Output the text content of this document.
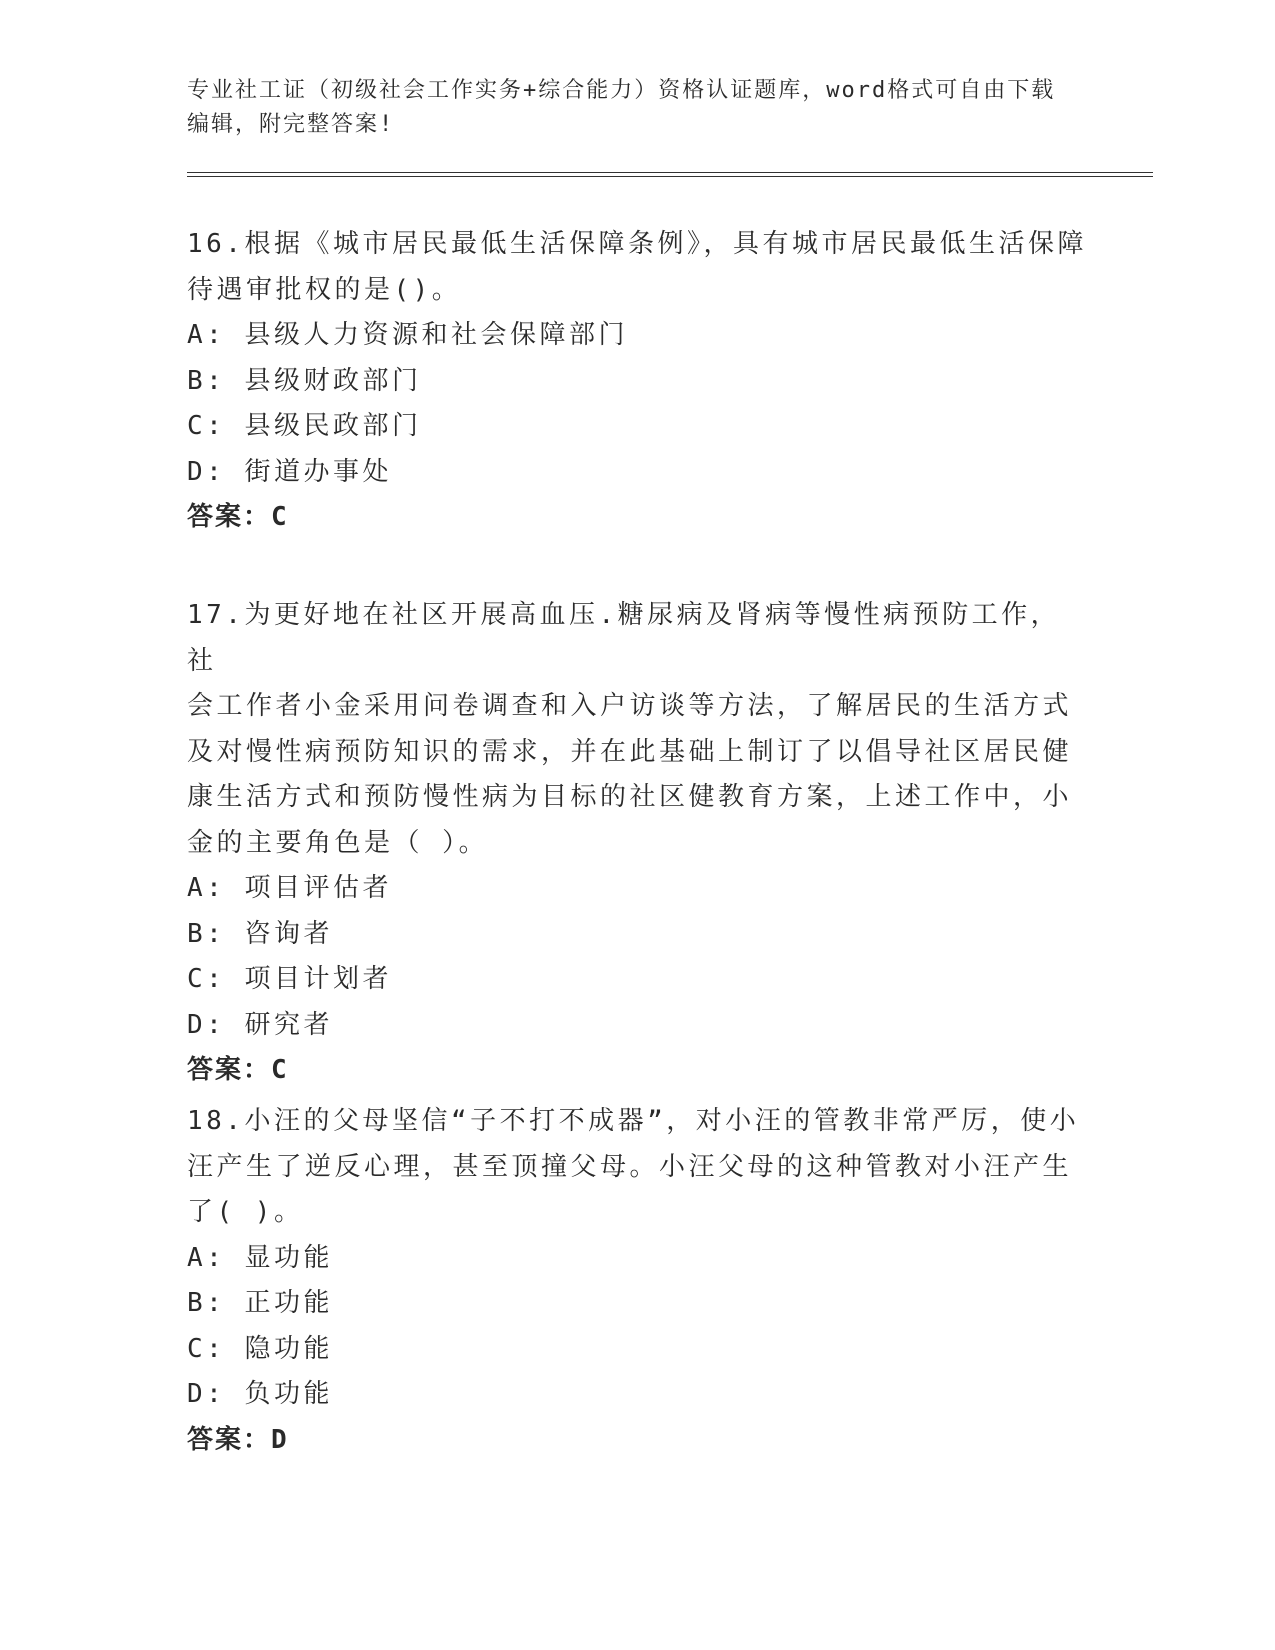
专业社工证（初级社会工作实务+综合能力）资格认证题库，word格式可自由下载
编辑，附完整答案!
16.根据《城市居民最低生活保障条例》，具有城市居民最低生活保障
待遇审批权的是()。
A: 县级人力资源和社会保障部门
B: 县级财政部门
C: 县级民政部门
D: 街道办事处
答案：C
17.为更好地在社区开展高血压.糖尿病及肾病等慢性病预防工作，社
会工作者小金采用问卷调查和入户访谈等方法，了解居民的生活方式
及对慢性病预防知识的需求，并在此基础上制订了以倡导社区居民健
康生活方式和预防慢性病为目标的社区健教育方案，上述工作中，小
金的主要角色是（ ）。
A: 项目评估者
B: 咨询者
C: 项目计划者
D: 研究者
答案：C
18.小汪的父母坚信“子不打不成器”，对小汪的管教非常严厉，使小
汪产生了逆反心理，甚至顶撞父母。小汪父母的这种管教对小汪产生
了( )。
A: 显功能
B: 正功能
C: 隐功能
D: 负功能
答案：D
